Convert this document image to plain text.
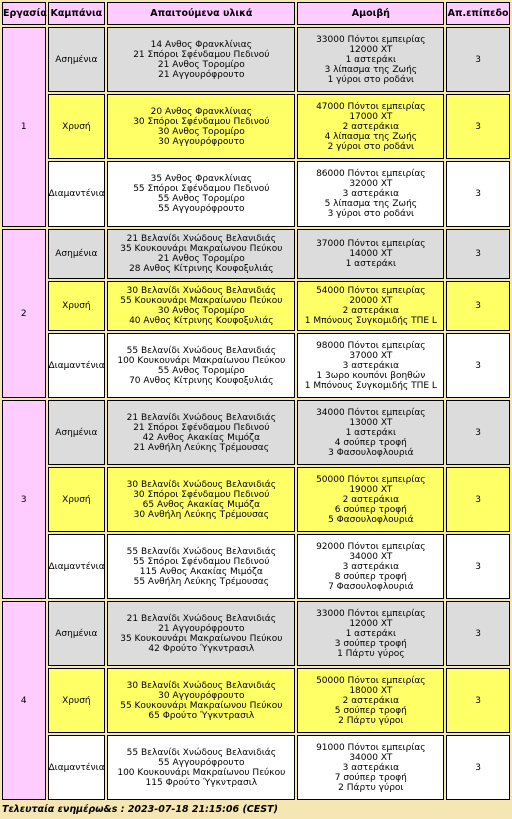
Εργασία	Καμπάνια	Απαιτούμενα υλικά	Αμοιβή	Απ.επίπεδο
1	Ασημένια	14 Ανθος Φρανκλίνιας
21 Σπόροι Σφένδαμου Πεδινού
21 Ανθος Τοροµίρο
21 Αγγουρόφρουτο	33000 Πόντοι εμπειρίας
12000 XT
1 αστεράκι
3 λίπασμα της Ζωής
1 γύροι στο ροδάνι	3
	Χρυσή	20 Ανθος Φρανκλίνιας
30 Σπόροι Σφένδαμου Πεδινού
30 Ανθος Τοροµίρο
30 Αγγουρόφρουτο	47000 Πόντοι εμπειρίας
17000 XT
2 αστεράκια
4 λίπασμα της Ζωής
2 γύροι στο ροδάνι	3
	Διαμαντένια	35 Ανθος Φρανκλίνιας
55 Σπόροι Σφένδαμου Πεδινού
55 Ανθος Τοροµίρο
55 Αγγουρόφρουτο	86000 Πόντοι εμπειρίας
32000 XT
3 αστεράκια
5 λίπασμα της Ζωής
3 γύροι στο ροδάνι	3
2	Ασημένια	21 Βελανίδι Χνώδους Βελανιδιάς
35 Κουκουνάρι Μακραίωνου Πεύκου
21 Ανθος Τοροµίρο
28 Ανθος Κίτρινης Κουφοξυλιάς	37000 Πόντοι εμπειρίας
14000 XT
1 αστεράκι	3
	Χρυσή	30 Βελανίδι Χνώδους Βελανιδιάς
55 Κουκουνάρι Μακραίωνου Πεύκου
30 Ανθος Τοροµίρο
40 Ανθος Κίτρινης Κουφοξυλιάς	54000 Πόντοι εμπειρίας
20000 XT
2 αστεράκια
1 Μπόνους Συγκομιδής ΤΠΕ L	3
	Διαμαντένια	55 Βελανίδι Χνώδους Βελανιδιάς
100 Κουκουνάρι Μακραίωνου Πεύκου
55 Ανθος Τοροµίρο
70 Ανθος Κίτρινης Κουφοξυλιάς	98000 Πόντοι εμπειρίας
37000 XT
3 αστεράκια
1 3ωρο κουπόνι βοηθών
1 Μπόνους Συγκομιδής ΤΠΕ L	3
3	Ασημένια	21 Βελανίδι Χνώδους Βελανιδιάς
21 Σπόροι Σφένδαμου Πεδινού
42 Ανθος Ακακίας Μιμόζα
21 Ανθήλη Λεύκης Τρέμουσας	34000 Πόντοι εμπειρίας
13000 XT
1 αστεράκι
4 σούπερ τροφή
3 Φασουλοφλουριά	3
	Χρυσή	30 Βελανίδι Χνώδους Βελανιδιάς
30 Σπόροι Σφένδαμου Πεδινού
65 Ανθος Ακακίας Μιμόζα
30 Ανθήλη Λεύκης Τρέμουσας	50000 Πόντοι εμπειρίας
19000 XT
2 αστεράκια
6 σούπερ τροφή
5 Φασουλοφλουριά	3
	Διαμαντένια	55 Βελανίδι Χνώδους Βελανιδιάς
55 Σπόροι Σφένδαμου Πεδινού
115 Ανθος Ακακίας Μιμόζα
55 Ανθήλη Λεύκης Τρέμουσας	92000 Πόντοι εμπειρίας
34000 XT
3 αστεράκια
8 σούπερ τροφή
7 Φασουλοφλουριά	3
4	Ασημένια	21 Βελανίδι Χνώδους Βελανιδιάς
21 Αγγουρόφρουτο
35 Κουκουνάρι Μακραίωνου Πεύκου
42 Φρούτο Ύγκντρασιλ	33000 Πόντοι εμπειρίας
12000 XT
1 αστεράκι
3 σούπερ τροφή
1 Πάρτυ γύρος	3
	Χρυσή	30 Βελανίδι Χνώδους Βελανιδιάς
30 Αγγουρόφρουτο
55 Κουκουνάρι Μακραίωνου Πεύκου
65 Φρούτο Ύγκντρασιλ	50000 Πόντοι εμπειρίας
18000 XT
2 αστεράκια
5 σούπερ τροφή
2 Πάρτυ γύροι	3
	Διαμαντένια	55 Βελανίδι Χνώδους Βελανιδιάς
55 Αγγουρόφρουτο
100 Κουκουνάρι Μακραίωνου Πεύκου
115 Φρούτο Ύγκντρασιλ	91000 Πόντοι εμπειρίας
34000 XT
3 αστεράκια
7 σούπερ τροφή
2 Πάρτυ γύροι	3
Τελευταία ενημέρω&s : 2023-07-18 21:15:06 (CEST)
